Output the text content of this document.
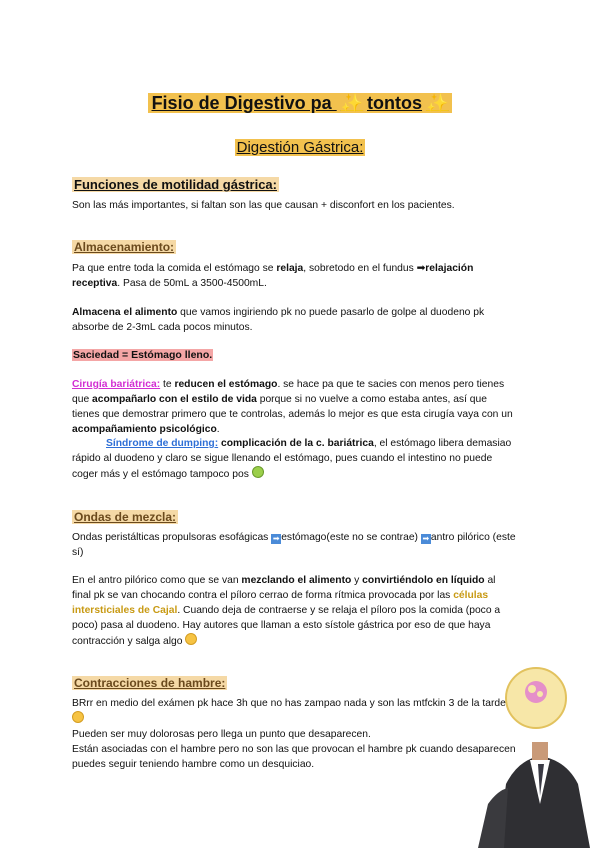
Fisio de Digestivo pa ✨ tontos ✨
Digestión Gástrica:
Funciones de motilidad gástrica:
Son las más importantes, si faltan son las que causan + disconfort en los pacientes.
Almacenamiento:
Pa que entre toda la comida el estómago se relaja, sobretodo en el fundus ➡relajación receptiva. Pasa de 50mL a 3500-4500mL.
Almacena el alimento que vamos ingiriendo pk no puede pasarlo de golpe al duodeno pk absorbe de 2-3mL cada pocos minutos.
Saciedad = Estómago lleno.
Cirugía bariátrica: te reducen el estómago. se hace pa que te sacies con menos pero tienes que acompañarlo con el estilo de vida porque si no vuelve a como estaba antes, así que tienes que demostrar primero que te controlas, además lo mejor es que esta cirugía vaya con un acompañamiento psicológico.
Síndrome de dumping: complicación de la c. bariátrica, el estómago libera demasiao rápido al duodeno y claro se sigue llenando el estómago, pues cuando el intestino no puede coger más y el estómago tampoco pos
Ondas de mezcla:
Ondas peristálticas propulsoras esofágicas ➡ estómago(este no se contrae) ➡ antro pilórico (este sí)
En el antro pilórico como que se van mezclando el alimento y convirtiéndolo en líquido al final pk se van chocando contra el píloro cerrao de forma rítmica provocada por las células intersticiales de Cajal. Cuando deja de contraerse y se relaja el píloro pos la comida (poco a poco) pasa al duodeno. Hay autores que llaman a esto sístole gástrica por eso de que haya contracción y salga algo
Contracciones de hambre:
BRrr en medio del exámen pk hace 3h que no has zampao nada y son las mtfckin 3 de la tarde
Pueden ser muy dolorosas pero llega un punto que desaparecen.
Están asociadas con el hambre pero no son las que provocan el hambre pk cuando desaparecen puedes seguir teniendo hambre como un desquiciao.
